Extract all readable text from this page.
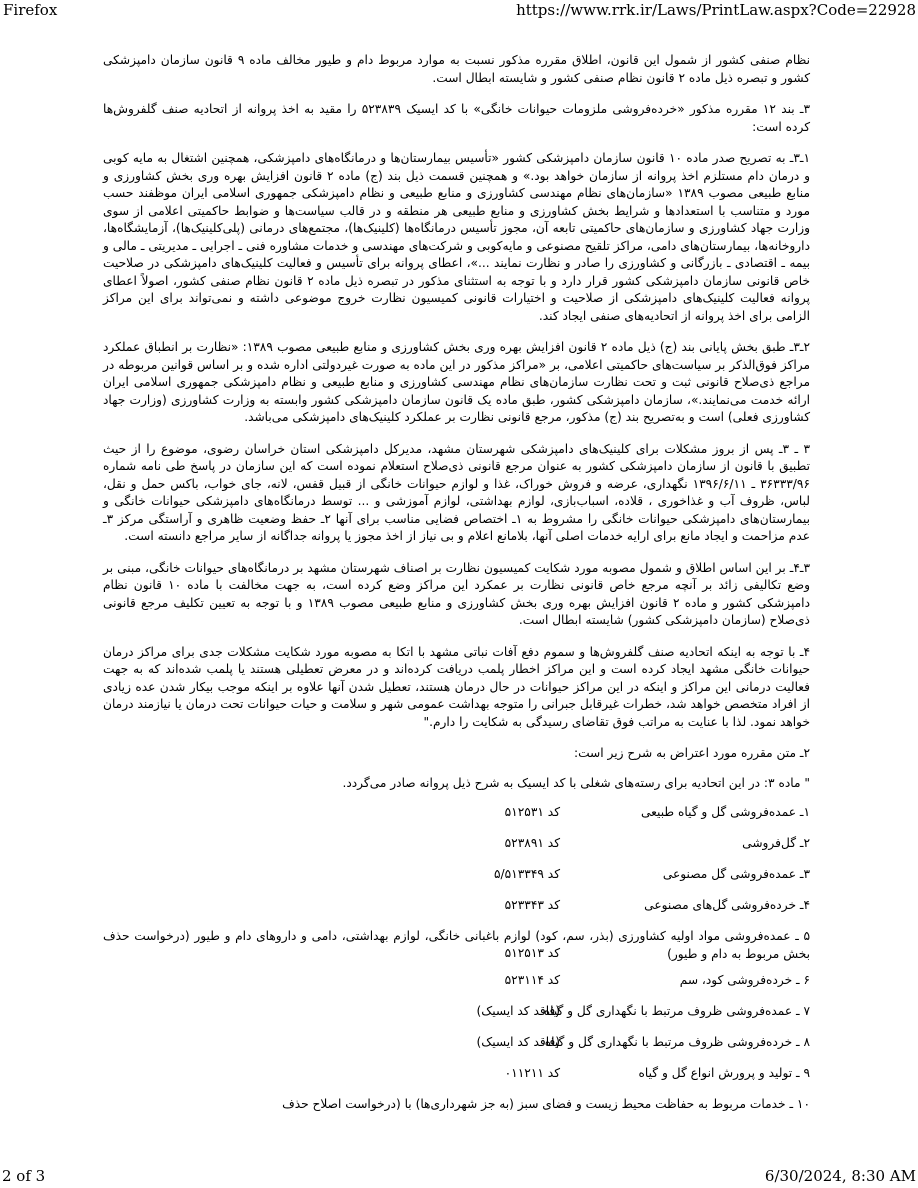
Firefox	https://www.rrk.ir/Laws/PrintLaw.aspx?Code=22928

نظام صنفی کشور از شمول این قانون، اطلاق مقرره مذکور نسبت به موارد مربوط دام و طیور مخالف ماده ۹ قانون سازمان دامپزشکی کشور و تبصره ذیل ماده ۲ قانون نظام صنفی کشور و شایسته ابطال است.

۳ـ بند ۱۲ مقرره مذکور «خرده‌فروشی ملزومات حیوانات خانگی» با کد ایسیک ۵۲۳۸۳۹ را مقید به اخذ پروانه از اتحادیه صنف گلفروش‌ها کرده است:

۱ـ۳ـ به تصریح صدر ماده ۱۰ قانون سازمان دامپزشکی کشور «تأسیس بیمارستان‌ها و درمانگاه‌های دامپزشکی، همچنین اشتغال به مایه کوبی و درمان دام مستلزم اخذ پروانه از سازمان خواهد بود.» و همچنین قسمت ذیل بند (ج) ماده ۲ قانون افزایش بهره وری بخش کشاورزی و منابع طبیعی مصوب ۱۳۸۹ «سازمان‌های نظام مهندسی کشاورزی و منابع طبیعی و نظام دامپزشکی جمهوری اسلامی ایران موظفند حسب مورد و متناسب با استعدادها و شرایط بخش کشاورزی و منابع طبیعی هر منطقه و در قالب سیاست‌ها و ضوابط حاکمیتی اعلامی از سوی وزارت جهاد کشاورزی و سازمان‌های حاکمیتی تابعه آن، مجوز تأسیس درمانگاه‌ها (کلینیک‌ها)، مجتمع‌های درمانی (پلی‌کلینیک‌ها)، آزمایشگاه‌ها، داروخانه‌ها، بیمارستان‌های دامی، مراکز تلقیح مصنوعی و مایه‌کوبی و شرکت‌های مهندسی و خدمات مشاوره فنی ـ اجرایی ـ مدیریتی ـ مالی و بیمه ـ اقتصادی ـ بازرگانی و کشاورزی را صادر و نظارت نمایند ...»، اعطای پروانه برای تأسیس و فعالیت کلینیک‌های دامپزشکی در صلاحیت خاص قانونی سازمان دامپزشکی کشور قرار دارد و با توجه به استثنای مذکور در تبصره ذیل ماده ۲ قانون نظام صنفی کشور، اصولاً اعطای پروانه فعالیت کلینیک‌های دامپزشکی از صلاحیت و اختیارات قانونی کمیسیون نظارت خروج موضوعی داشته و نمی‌تواند برای این مراکز الزامی برای اخذ پروانه از اتحادیه‌های صنفی ایجاد کند.

۲ـ۳ـ طبق بخش پایانی بند (ج) ذیل ماده ۲ قانون افزایش بهره وری بخش کشاورزی و منابع طبیعی مصوب ۱۳۸۹: «نظارت بر انطباق عملکرد مراکز فوق‌الذکر بر سیاست‌های حاکمیتی اعلامی، بر «مراکز مذکور در این ماده به صورت غیردولتی اداره شده و بر اساس قوانین مربوطه در مراجع ذی‌صلاح قانونی ثبت و تحت نظارت سازمان‌های نظام مهندسی کشاورزی و منابع طبیعی و نظام دامپزشکی جمهوری اسلامی ایران ارائه خدمت می‌نمایند.»، سازمان دامپزشکی کشور، طبق ماده یک قانون سازمان دامپزشکی کشور وابسته به وزارت کشاورزی (وزارت جهاد کشاورزی فعلی) است و به‌تصریح بند (ج) مذکور، مرجع قانونی نظارت بر عملکرد کلینیک‌های دامپزشکی می‌باشد.

۳ ـ ۳ـ پس از بروز مشکلات برای کلینیک‌های دامپزشکی شهرستان مشهد، مدیرکل دامپزشکی استان خراسان رضوی، موضوع را از حیث تطبیق با قانون از سازمان دامپزشکی کشور به عنوان مرجع قانونی ذی‌صلاح استعلام نموده است که این سازمان در پاسخ طی نامه شماره ۳۶۳۳۳/۹۶ ـ ۱۳۹۶/۶/۱۱ نگهداری، عرضه و فروش خوراک، غذا و لوازم حیوانات خانگی از قبیل قفس، لانه، جای خواب، باکس حمل و نقل، لباس، ظروف آب و غذاخوری ، قلاده، اسباب‌بازی، لوازم بهداشتی، لوازم آموزشی و ... توسط درمانگاه‌های دامپزشکی حیوانات خانگی و بیمارستان‌های دامپزشکی حیوانات خانگی را مشروط به ۱ـ اختصاص فضایی مناسب برای آنها ۲ـ حفظ وضعیت ظاهری و آراستگی مرکز ۳ـ عدم مزاحمت و ایجاد مانع برای ارایه خدمات اصلی آنها، بلامانع اعلام و بی نیاز از اخذ مجوز یا پروانه جداگانه از سایر مراجع دانسته است.

۳ـ۴ـ بر این اساس اطلاق و شمول مصوبه مورد شکایت کمیسیون نظارت بر اصناف شهرستان مشهد بر درمانگاه‌های حیوانات خانگی، مبنی بر وضع تکالیفی زائد بر آنچه مرجع خاص قانونی نظارت بر عمکرد این مراکز وضع کرده است، به جهت مخالفت با ماده ۱۰ قانون نظام دامپزشکی کشور و ماده ۲ قانون افزایش بهره وری بخش کشاورزی و منابع طبیعی مصوب ۱۳۸۹ و با توجه به تعیین تکلیف مرجع قانونی ذی‌صلاح (سازمان دامپزشکی کشور) شایسته ابطال است.

۴ـ با توجه به اینکه اتحادیه صنف گلفروش‌ها و سموم دفع آفات نباتی مشهد با اتکا به مصوبه مورد شکایت مشکلات جدی برای مراکز درمان حیوانات خانگی مشهد ایجاد کرده است و این مراکز اخطار پلمب دریافت کرده‌اند و در معرض تعطیلی هستند یا پلمب شده‌اند که به جهت فعالیت درمانی این مراکز و اینکه در این مراکز حیوانات در حال درمان هستند، تعطیل شدن آنها علاوه بر اینکه موجب بیکار شدن عده زیادی از افراد متخصص خواهد شد، خطرات غیرقابل جبرانی را متوجه بهداشت عمومی شهر و سلامت و حیات حیوانات تحت درمان یا نیازمند درمان خواهد نمود. لذا با عنایت به مراتب فوق تقاضای رسیدگی به شکایت را دارم."

۲ـ متن مقرره مورد اعتراض به شرح زیر است:

" ماده ۳: در این اتحادیه برای رسته‌های شغلی با کد ایسیک به شرح ذیل پروانه صادر می‌گردد.

۱ـ عمده‌فروشی گل و گیاه طبیعی
کد ۵۱۲۵۳۱
۲ـ گل‌فروشی
کد ۵۲۳۸۹۱
۳ـ عمده‌فروشی گل مصنوعی
کد ۵/۵۱۳۳۴۹
۴ـ خرده‌فروشی گل‌های مصنوعی
کد ۵۲۳۳۴۳
۵ ـ عمده‌فروشی مواد اولیه کشاورزی (بذر، سم، کود) لوازم باغبانی خانگی، لوازم بهداشتی، دامی و داروهای دام و طیور (درخواست حذف بخش مربوط به دام و طیور)
کد ۵۱۲۵۱۳
۶ ـ خرده‌فروشی کود، سم
کد ۵۲۳۱۱۴
۷ ـ عمده‌فروشی ظروف مرتبط با نگهداری گل و گیاه
(فاقد کد ایسیک)
۸ ـ خرده‌فروشی ظروف مرتبط با نگهداری گل و گیاه
(فاقد کد ایسیک)
۹ ـ تولید و پرورش انواع گل و گیاه
کد ۰۱۱۲۱۱
۱۰ ـ خدمات مربوط به حفاظت محیط زیست و فضای سبز (به جز شهرداری‌ها) با (درخواست اصلاح حذف
2 of 3	6/30/2024, 8:30 AM
